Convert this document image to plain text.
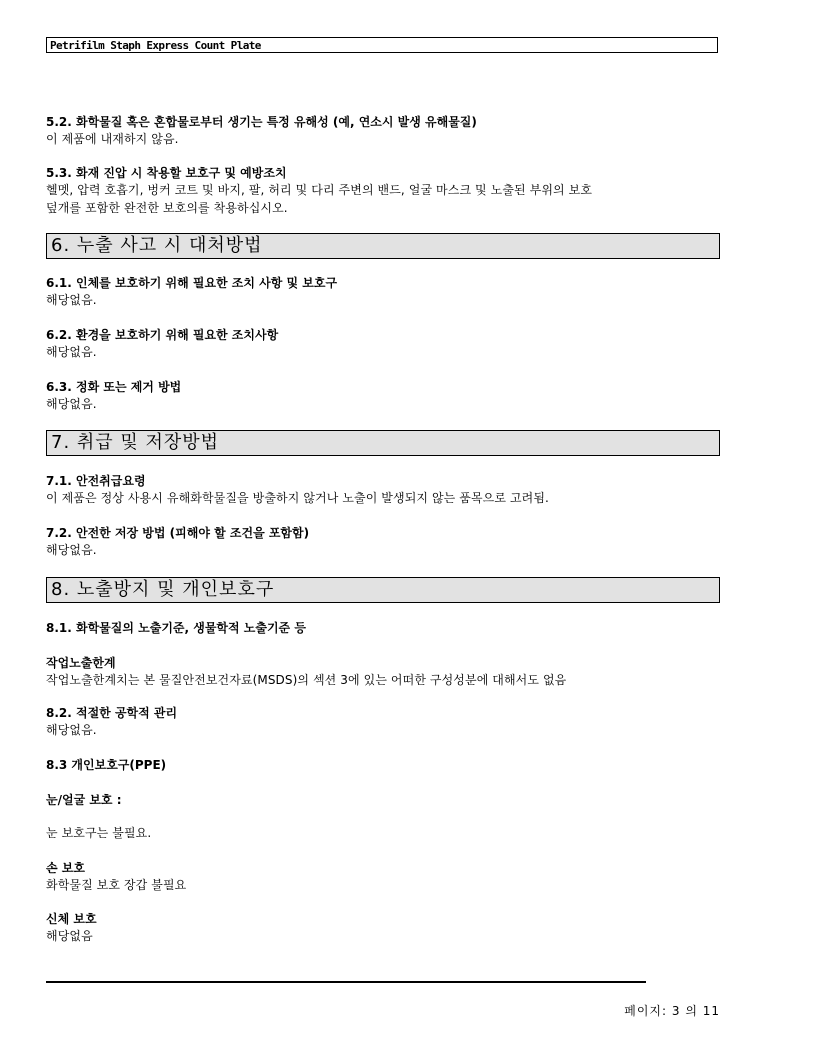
Petrifilm Staph Express Count Plate
5.2. 화학물질 혹은 혼합물로부터 생기는 특정 유해성 (예, 연소시 발생 유해물질)
이 제품에 내재하지 않음.
5.3. 화재 진압 시 착용할 보호구 및 예방조치
헬멧, 압력 호흡기, 벙커 코트 및 바지, 팔, 허리 및 다리 주변의 밴드, 얼굴 마스크 및 노출된 부위의 보호
덮개를 포함한 완전한 보호의를 착용하십시오.
6. 누출 사고 시 대처방법
6.1. 인체를 보호하기 위해 필요한 조치 사항 및 보호구
해당없음.
6.2. 환경을 보호하기 위해 필요한 조치사항
해당없음.
6.3. 정화 또는 제거 방법
해당없음.
7. 취급 및 저장방법
7.1. 안전취급요령
이 제품은 정상 사용시 유해화학물질을 방출하지 않거나 노출이 발생되지 않는 품목으로 고려됨.
7.2. 안전한 저장 방법 (피해야 할 조건을 포함함)
해당없음.
8. 노출방지 및 개인보호구
8.1. 화학물질의 노출기준, 생물학적 노출기준 등
작업노출한계
작업노출한계치는 본 물질안전보건자료(MSDS)의 섹션 3에 있는 어떠한 구성성분에 대해서도 없음
8.2. 적절한 공학적 관리
해당없음.
8.3 개인보호구(PPE)
눈/얼굴 보호 :
눈 보호구는 불필요.
손 보호
화학물질 보호 장갑 불필요
신체 보호
해당없음
페이지: 3 의 11
